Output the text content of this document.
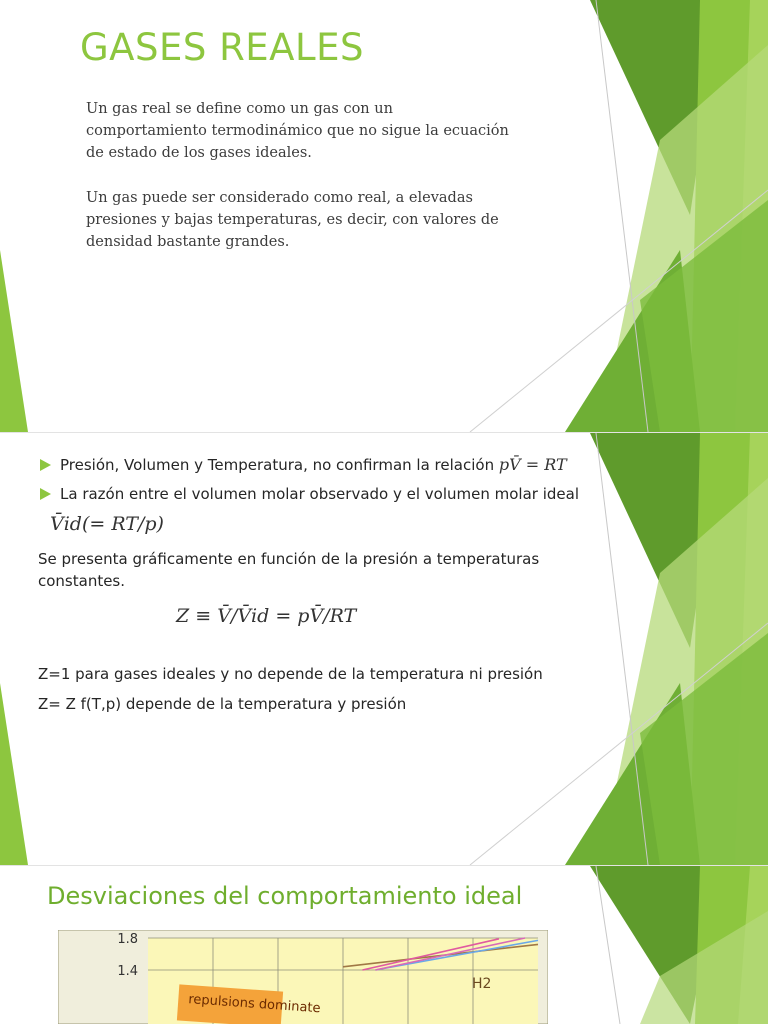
GASES REALES

Un gas real se define como un gas con un comportamiento termodinámico que no sigue la ecuación de estado de los gases ideales.

Un gas puede ser considerado como real, a elevadas presiones y bajas temperaturas, es decir, con valores de densidad bastante grandes.

Presión, Volumen y Temperatura, no confirman la relación pV̄ = RT
La razón entre el volumen molar observado y el volumen molar ideal
V̄id(= RT/p)

Se presenta gráficamente en función de la presión a temperaturas constantes.

Z ≡ V̄/V̄id = pV̄/RT

Z=1 para gases ideales y no depende de la temperatura ni presión

Z= Z f(T,p) depende de la temperatura y presión

Desviaciones del comportamiento ideal
1.8
1.4
repulsions dominate
H2
